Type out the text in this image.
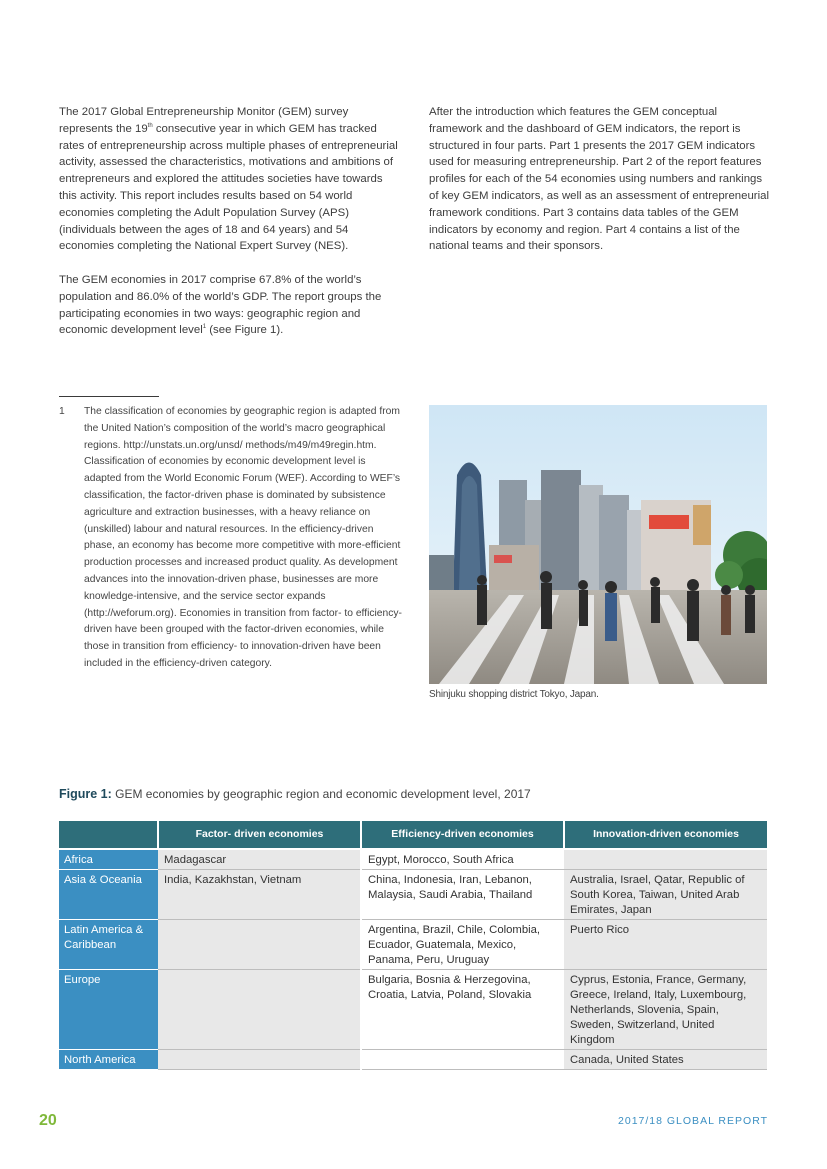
The 2017 Global Entrepreneurship Monitor (GEM) survey represents the 19th consecutive year in which GEM has tracked rates of entrepreneurship across multiple phases of entrepreneurial activity, assessed the characteristics, motivations and ambitions of entrepreneurs and explored the attitudes societies have towards this activity. This report includes results based on 54 world economies completing the Adult Population Survey (APS) (individuals between the ages of 18 and 64 years) and 54 economies completing the National Expert Survey (NES).

The GEM economies in 2017 comprise 67.8% of the world’s population and 86.0% of the world’s GDP. The report groups the participating economies in two ways: geographic region and economic development level$^1$ (see Figure 1).

After the introduction which features the GEM conceptual framework and the dashboard of GEM indicators, the report is structured in four parts. Part 1 presents the 2017 GEM indicators used for measuring entrepreneurship. Part 2 of the report features profiles for each of the 54 economies using numbers and rankings of key GEM indicators, as well as an assessment of entrepreneurial framework conditions. Part 3 contains data tables of the GEM indicators by economy and region. Part 4 contains a list of the national teams and their sponsors.

1 The classification of economies by geographic region is adapted from the United Nation’s composition of the world’s macro geographical regions. http://unstats.un.org/unsd/ methods/m49/m49regin.htm. Classification of economies by economic development level is adapted from the World Economic Forum (WEF). According to WEF’s classification, the factor-driven phase is dominated by subsistence agriculture and extraction businesses, with a heavy reliance on (unskilled) labour and natural resources. In the efficiency-driven phase, an economy has become more competitive with more-efficient production processes and increased product quality. As development advances into the innovation-driven phase, businesses are more knowledge-intensive, and the service sector expands (http://weforum.org). Economies in transition from factor- to efficiency-driven have been grouped with the factor-driven economies, while those in transition from efficiency- to innovation-driven have been included in the efficiency-driven category.
Shinjuku shopping district Tokyo, Japan.
Figure 1: GEM economies by geographic region and economic development level, 2017
	Factor- driven economies	Efficiency-driven economies	Innovation-driven economies
Africa	Madagascar	Egypt, Morocco, South Africa	
Asia & Oceania	India, Kazakhstan, Vietnam	China, Indonesia, Iran, Lebanon, Malaysia, Saudi Arabia, Thailand	Australia, Israel, Qatar, Republic of South Korea, Taiwan, United Arab Emirates, Japan
Latin America & Caribbean		Argentina, Brazil, Chile, Colombia, Ecuador, Guatemala, Mexico, Panama, Peru, Uruguay	Puerto Rico
Europe		Bulgaria, Bosnia & Herzegovina, Croatia, Latvia, Poland, Slovakia	Cyprus, Estonia, France, Germany, Greece, Ireland, Italy, Luxembourg, Netherlands, Slovenia, Spain, Sweden, Switzerland, United Kingdom
North America			Canada, United States
20	2017/18 GLOBAL REPORT
